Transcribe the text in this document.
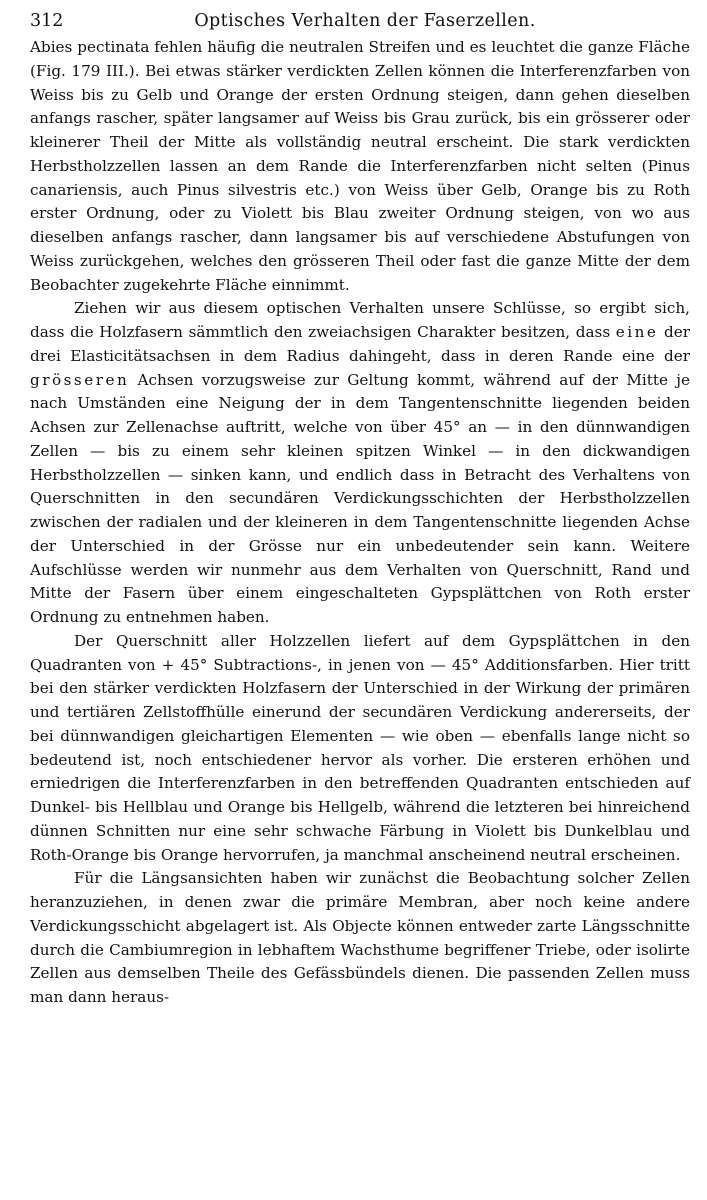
312	Optisches Verhalten der Faserzellen.

Abies pectinata fehlen häufig die neutralen Streifen und es leuchtet die ganze Fläche (Fig. 179 III.). Bei etwas stärker verdickten Zellen können die Interferenzfarben von Weiss bis zu Gelb und Orange der ersten Ordnung steigen, dann gehen dieselben anfangs rascher, später langsamer auf Weiss bis Grau zurück, bis ein grösserer oder kleinerer Theil der Mitte als vollständig neutral erscheint. Die stark verdickten Herbstholzzellen lassen an dem Rande die Interferenzfarben nicht selten (Pinus canariensis, auch Pinus silvestris etc.) von Weiss über Gelb, Orange bis zu Roth erster Ordnung, oder zu Violett bis Blau zweiter Ordnung steigen, von wo aus dieselben anfangs rascher, dann langsamer bis auf verschiedene Abstufungen von Weiss zurückgehen, welches den grösseren Theil oder fast die ganze Mitte der dem Beobachter zugekehrte Fläche einnimmt.

Ziehen wir aus diesem optischen Verhalten unsere Schlüsse, so ergibt sich, dass die Holzfasern sämmtlich den zweiachsigen Charakter besitzen, dass eine der drei Elasticitätsachsen in dem Radius dahingeht, dass in deren Rande eine der grösseren Achsen vorzugsweise zur Geltung kommt, während auf der Mitte je nach Umständen eine Neigung der in dem Tangentenschnitte liegenden beiden Achsen zur Zellenachse auftritt, welche von über 45° an — in den dünnwandigen Zellen — bis zu einem sehr kleinen spitzen Winkel — in den dickwandigen Herbstholzzellen — sinken kann, und endlich dass in Betracht des Verhaltens von Querschnitten in den secundären Verdickungsschichten der Herbstholzzellen zwischen der radialen und der kleineren in dem Tangentenschnitte liegenden Achse der Unterschied in der Grösse nur ein unbedeutender sein kann. Weitere Aufschlüsse werden wir nunmehr aus dem Verhalten von Querschnitt, Rand und Mitte der Fasern über einem eingeschalteten Gypsplättchen von Roth erster Ordnung zu entnehmen haben.

Der Querschnitt aller Holzzellen liefert auf dem Gypsplättchen in den Quadranten von + 45° Subtractions-, in jenen von — 45° Additionsfarben. Hier tritt bei den stärker verdickten Holzfasern der Unterschied in der Wirkung der primären und tertiären Zellstoffhülle einerund der secundären Verdickung andererseits, der bei dünnwandigen gleichartigen Elementen — wie oben — ebenfalls lange nicht so bedeutend ist, noch entschiedener hervor als vorher. Die ersteren erhöhen und erniedrigen die Interferenzfarben in den betreffenden Quadranten entschieden auf Dunkel- bis Hellblau und Orange bis Hellgelb, während die letzteren bei hinreichend dünnen Schnitten nur eine sehr schwache Färbung in Violett bis Dunkelblau und Roth-Orange bis Orange hervorrufen, ja manchmal anscheinend neutral erscheinen.

Für die Längsansichten haben wir zunächst die Beobachtung solcher Zellen heranzuziehen, in denen zwar die primäre Membran, aber noch keine andere Verdickungsschicht abgelagert ist. Als Objecte können entweder zarte Längsschnitte durch die Cambiumregion in lebhaftem Wachsthume begriffener Triebe, oder isolirte Zellen aus demselben Theile des Gefässbündels dienen. Die passenden Zellen muss man dann heraus-
